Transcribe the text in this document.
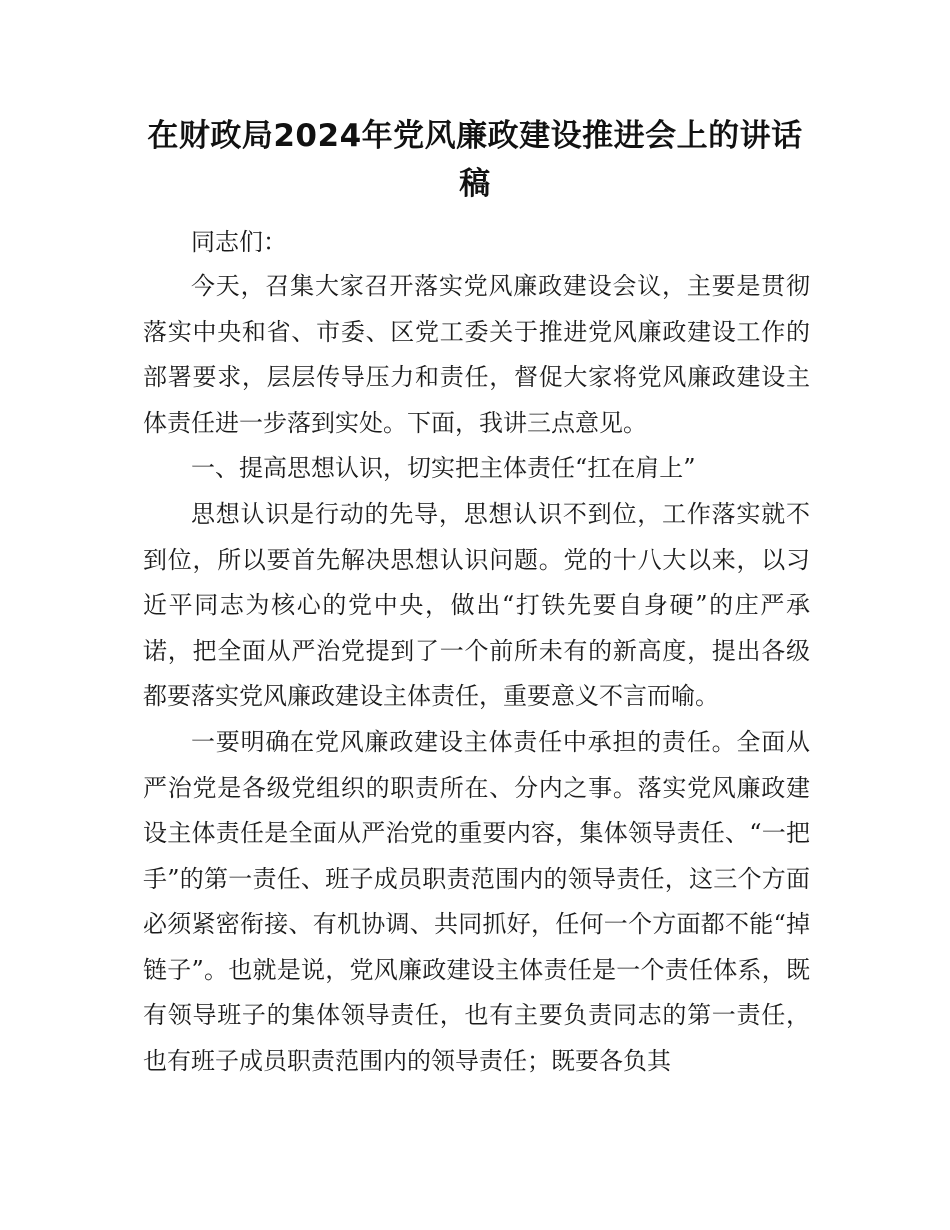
在财政局2024年党风廉政建设推进会上的讲话稿

同志们：

今天，召集大家召开落实党风廉政建设会议，主要是贯彻落实中央和省、市委、区党工委关于推进党风廉政建设工作的部署要求，层层传导压力和责任，督促大家将党风廉政建设主体责任进一步落到实处。下面，我讲三点意见。

一、提高思想认识，切实把主体责任“扛在肩上”

思想认识是行动的先导，思想认识不到位，工作落实就不到位，所以要首先解决思想认识问题。党的十八大以来，以习近平同志为核心的党中央，做出“打铁先要自身硬”的庄严承诺，把全面从严治党提到了一个前所未有的新高度，提出各级都要落实党风廉政建设主体责任，重要意义不言而喻。

一要明确在党风廉政建设主体责任中承担的责任。全面从严治党是各级党组织的职责所在、分内之事。落实党风廉政建设主体责任是全面从严治党的重要内容，集体领导责任、“一把手”的第一责任、班子成员职责范围内的领导责任，这三个方面必须紧密衔接、有机协调、共同抓好，任何一个方面都不能“掉链子”。也就是说，党风廉政建设主体责任是一个责任体系，既有领导班子的集体领导责任，也有主要负责同志的第一责任，也有班子成员职责范围内的领导责任；既要各负其
